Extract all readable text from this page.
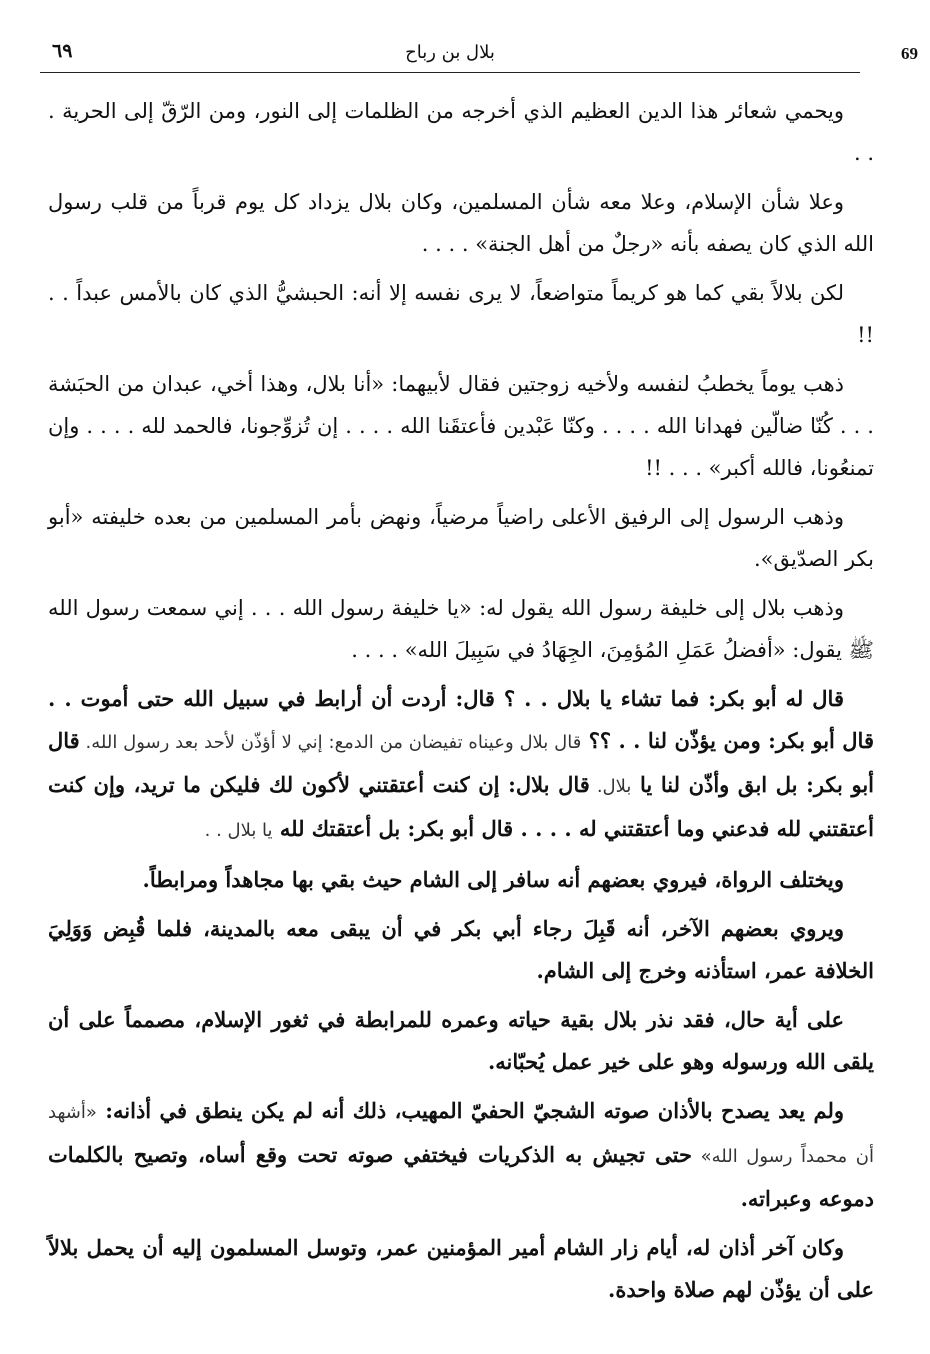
٦٩	بلال بن رباح	69

ويحمي شعائر هذا الدين العظيم الذي أخرجه من الظلمات إلى النور، ومن الرّقّ إلى الحرية . . .

وعلا شأن الإسلام، وعلا معه شأن المسلمين، وكان بلال يزداد كل يوم قرباً من قلب رسول الله الذي كان يصفه بأنه «رجلٌ من أهل الجنة» . . . .

لكن بلالاً بقي كما هو كريماً متواضعاً، لا يرى نفسه إلا أنه: الحبشيُّ الذي كان بالأمس عبداً . . !!

ذهب يوماً يخطبُ لنفسه ولأخيه زوجتين فقال لأبيهما: «أنا بلال، وهذا أخي، عبدان من الحبَشة . . . كُنّا ضالّين فهدانا الله . . . . وكنّا عَبْدين فأعتقَنا الله . . . . إن تُزوِّجونا، فالحمد لله . . . . وإن تمنعُونا، فالله أكبر» . . . !!

وذهب الرسول إلى الرفيق الأعلى راضياً مرضياً، ونهض بأمر المسلمين من بعده خليفته «أبو بكر الصدّيق».

وذهب بلال إلى خليفة رسول الله يقول له: «يا خليفة رسول الله . . . إني سمعت رسول الله ﷺ يقول: «أفضلُ عَمَلِ المُؤمِنَ، الجِهَادُ في سَبِيلَ الله» . . . .

قال له أبو بكر: فما تشاء يا بلال . . ؟ قال: أردت أن أرابط في سبيل الله حتى أموت . . قال أبو بكر: ومن يؤذّن لنا . . ؟؟ قال بلال وعيناه تفيضان من الدمع: إني لا أؤذّن لأحد بعد رسول الله. قال أبو بكر: بل ابق وأذّن لنا يا بلال. قال بلال: إن كنت أعتقتني لأكون لك فليكن ما تريد، وإن كنت أعتقتني لله فدعني وما أعتقتني له . . . . قال أبو بكر: بل أعتقتك لله يا بلال . .

ويختلف الرواة، فيروي بعضهم أنه سافر إلى الشام حيث بقي بها مجاهداً ومرابطاً.

ويروي بعضهم الآخر، أنه قَبِلَ رجاء أبي بكر في أن يبقى معه بالمدينة، فلما قُبِض وَوَلِيَ الخلافة عمر، استأذنه وخرج إلى الشام.

على أية حال، فقد نذر بلال بقية حياته وعمره للمرابطة في ثغور الإسلام، مصمماً على أن يلقى الله ورسوله وهو على خير عمل يُحبّانه.

ولم يعد يصدح بالأذان صوته الشجيّ الحفيّ المهيب، ذلك أنه لم يكن ينطق في أذانه: «أشهد أن محمداً رسول الله» حتى تجيش به الذكريات فيختفي صوته تحت وقع أساه، وتصيح بالكلمات دموعه وعبراته.

وكان آخر أذان له، أيام زار الشام أمير المؤمنين عمر، وتوسل المسلمون إليه أن يحمل بلالاً على أن يؤذّن لهم صلاة واحدة.
